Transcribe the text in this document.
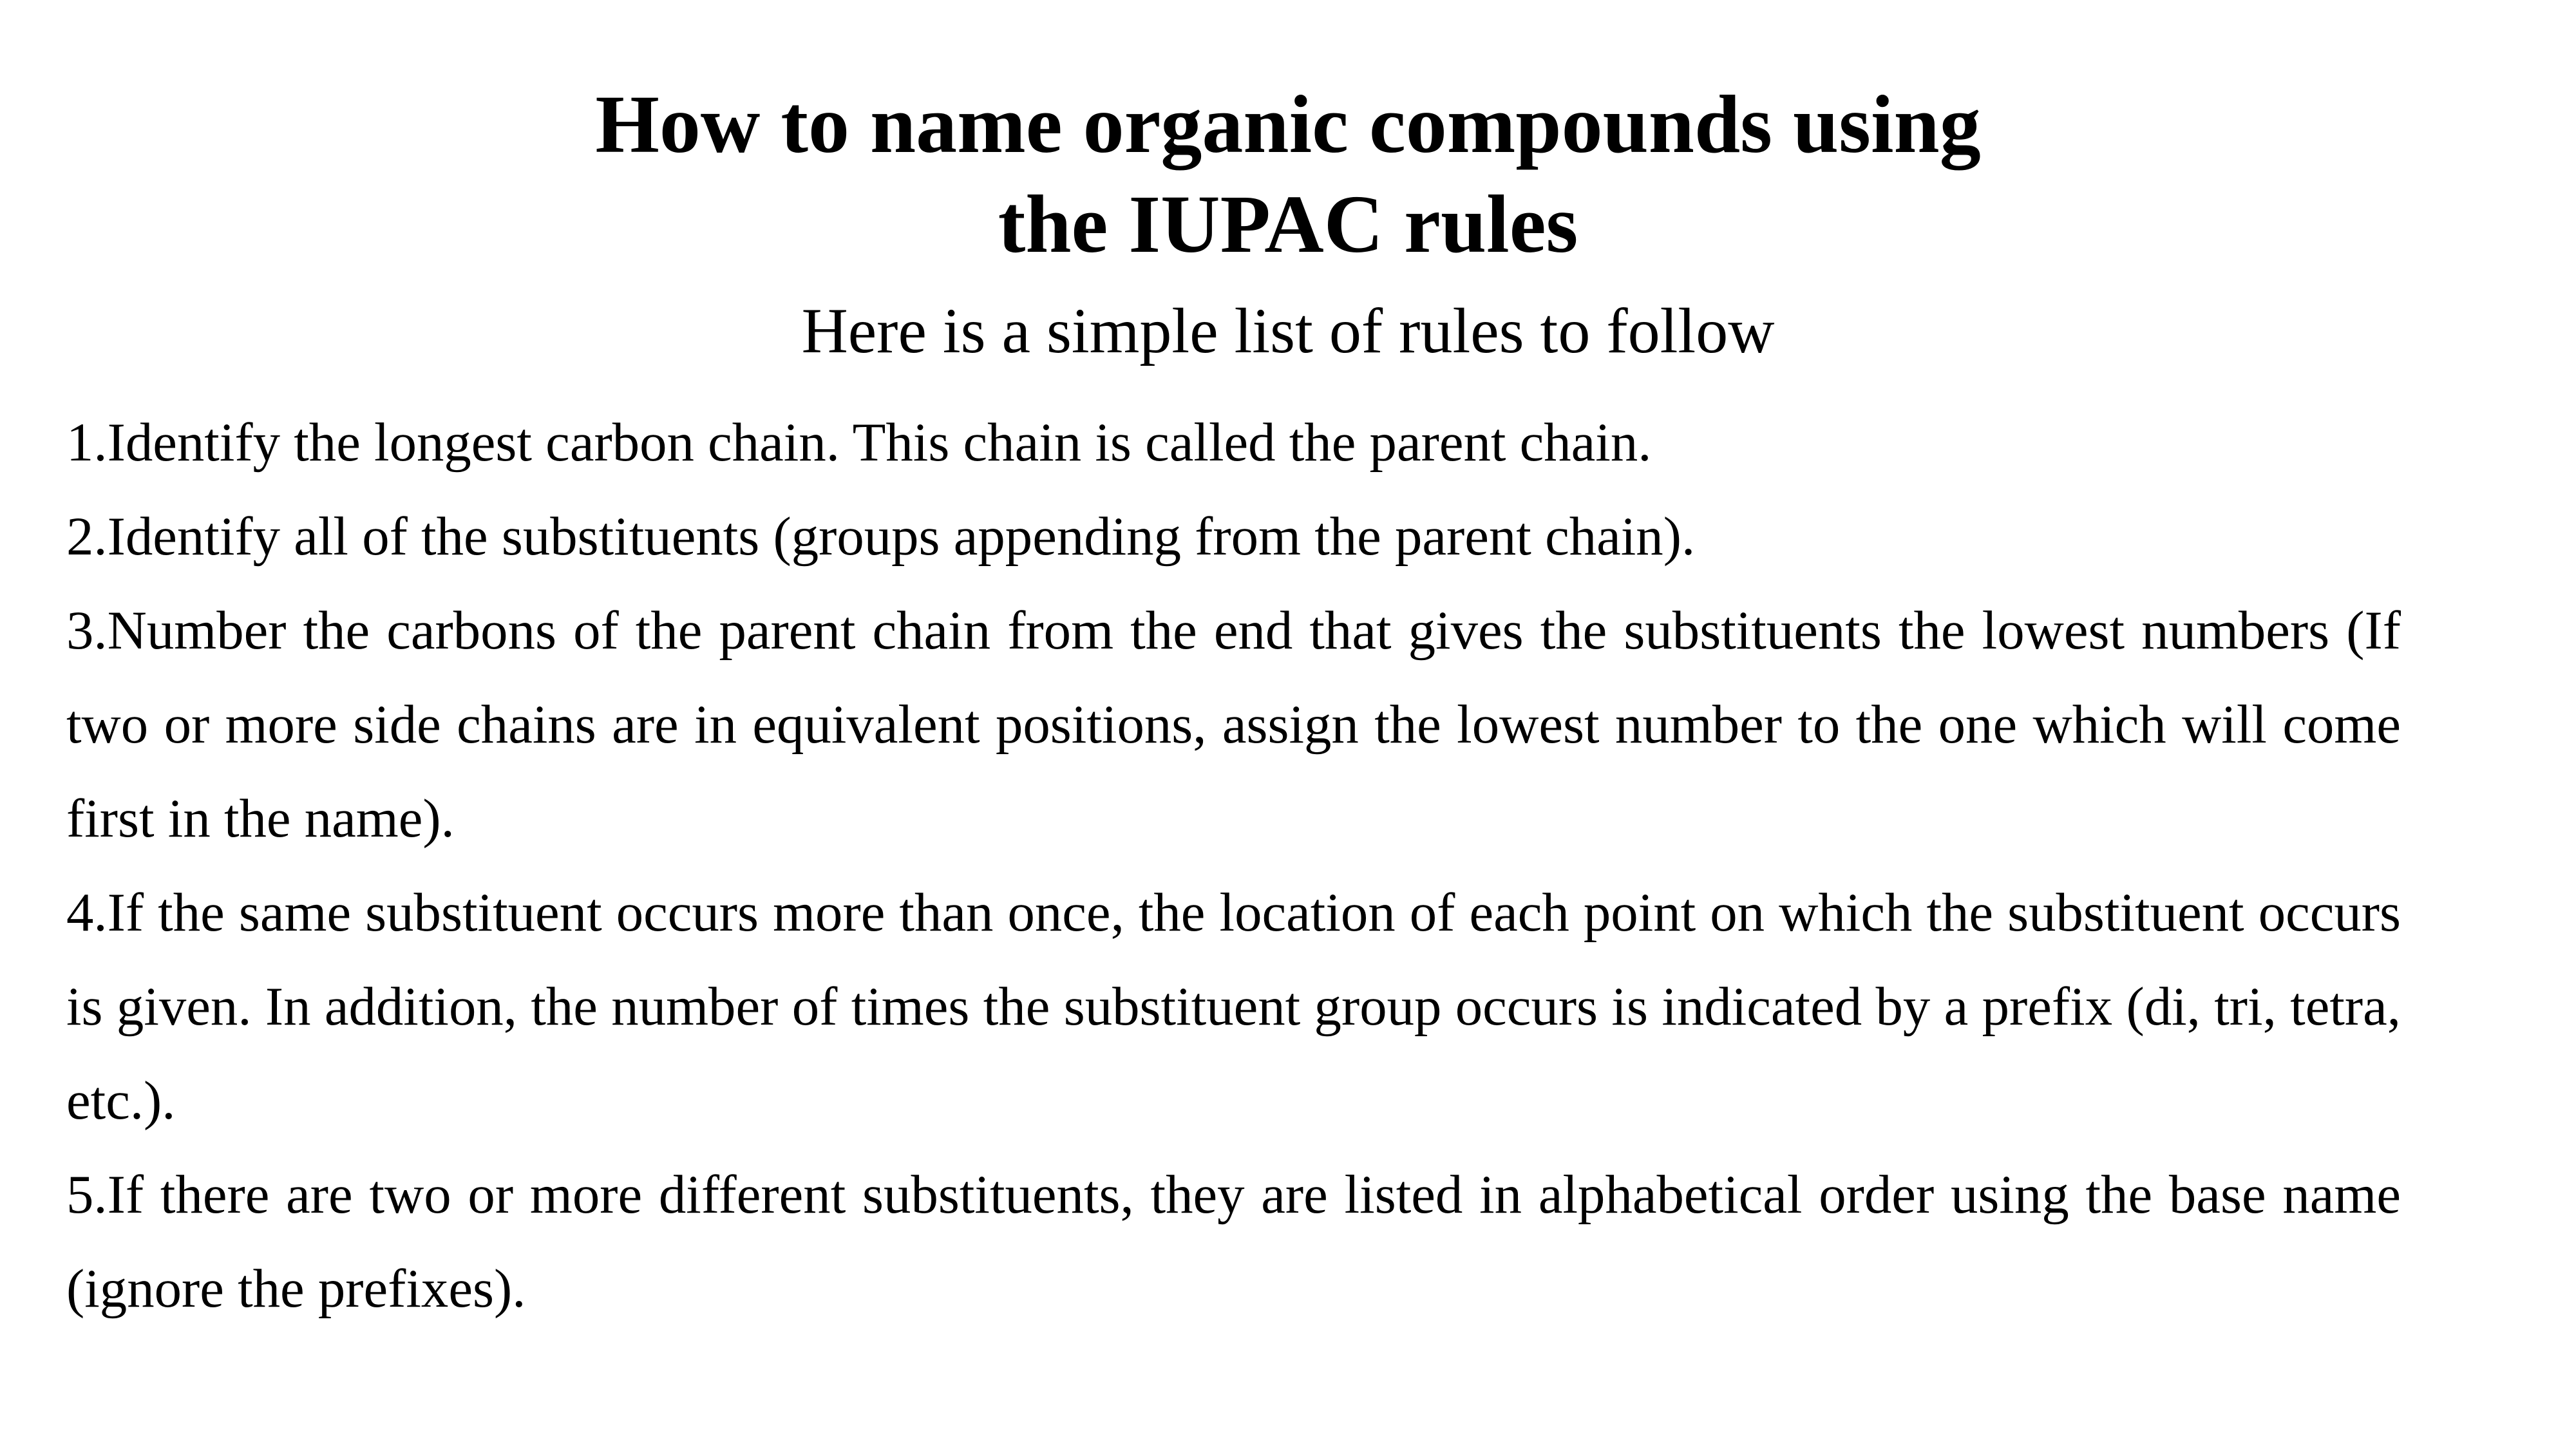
How to name organic compounds using
the IUPAC rules

Here is a simple list of rules to follow

1.Identify the longest carbon chain. This chain is called the parent chain.

2.Identify all of the substituents (groups appending from the parent chain).

3.Number the carbons of the parent chain from the end that gives the substituents the lowest numbers (If two or more side chains are in equivalent positions, assign the lowest number to the one which will come first in the name).

4.If the same substituent occurs more than once, the location of each point on which the substituent occurs is given. In addition, the number of times the substituent group occurs is indicated by a prefix (di, tri, tetra, etc.).

5.If there are two or more different substituents, they are listed in alphabetical order using the base name (ignore the prefixes).
